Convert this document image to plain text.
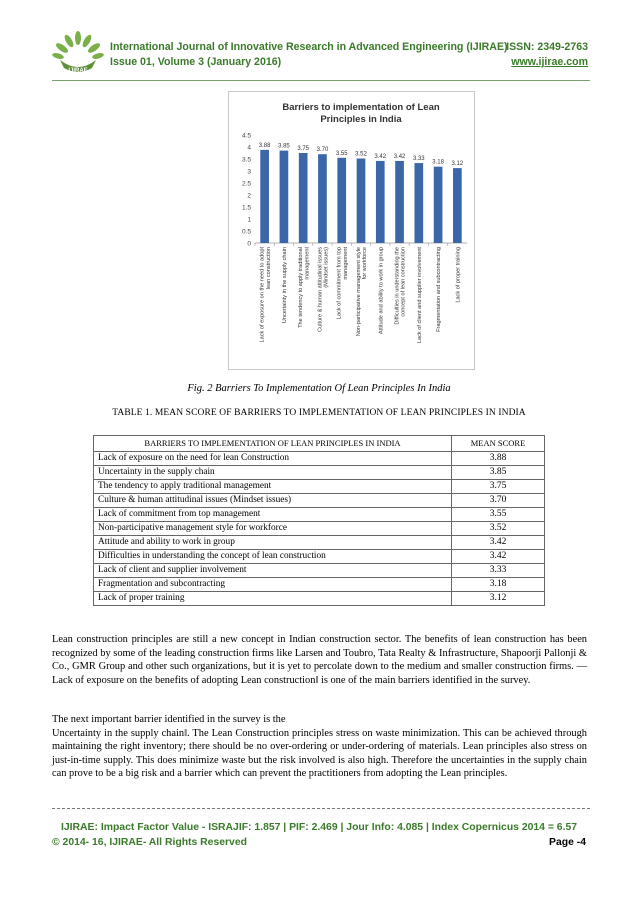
IJIRAE
International Journal of Innovative Research in Advanced Engineering (IJIRAE)
ISSN: 2349-2763
Issue 01, Volume 3 (January 2016)	www.ijirae.com
Barriers to implementation of Lean
Principles in India
0
0.5
1
1.5
2
2.5
3
3.5
4
4.5
3.88 3.85 3.75 3.70
3.55 3.52 3.42 3.42 3.33
3.18 3.12
Lack of exposure on the need to adoptlean construction Uncertainty in the supply chain The tendency to apply traditionalmanagement Culture & human attitudinal issues(Mindset issues) Lack of commitment from topmanagement Non-participative management stylefor workforce Attitude and ability to work in group Difficulties in understanding theconcept of lean construction Lack of client and supplier involvement Fragmentation and subcontracting Lack of proper training
Fig. 2 Barriers To Implementation Of Lean Principles In India
TABLE 1. MEAN SCORE OF BARRIERS TO IMPLEMENTATION OF LEAN PRINCIPLES IN INDIA
BARRIERS TO IMPLEMENTATION OF LEAN PRINCIPLES IN INDIA	MEAN SCORE
Lack of exposure on the need for lean Construction	3.88
Uncertainty in the supply chain	3.85
The tendency to apply traditional management	3.75
Culture & human attitudinal issues (Mindset issues)	3.70
Lack of commitment from top management	3.55
Non-participative management style for workforce	3.52
Attitude and ability to work in group	3.42
Difficulties in understanding the concept of lean construction	3.42
Lack of client and supplier involvement	3.33
Fragmentation and subcontracting	3.18
Lack of proper training	3.12
Lean construction principles are still a new concept in Indian construction sector. The benefits of lean construction has been recognized by some of the leading construction firms like Larsen and Toubro, Tata Realty & Infrastructure, Shapoorji Pallonji & Co., GMR Group and other such organizations, but it is yet to percolate down to the medium and smaller construction firms. —Lack of exposure on the benefits of adopting Lean construction‖ is one of the main barriers identified in the survey.
The next important barrier identified in the survey is the
Uncertainty in the supply chain‖. The Lean Construction principles stress on waste minimization. This can be achieved through maintaining the right inventory; there should be no over-ordering or under-ordering of materials. Lean principles also stress on just-in-time supply. This does minimize waste but the risk involved is also high. Therefore the uncertainties in the supply chain can prove to be a big risk and a barrier which can prevent the practitioners from adopting the Lean principles.
IJIRAE: Impact Factor Value - ISRAJIF: 1.857 | PIF: 2.469 | Jour Info: 4.085 | Index Copernicus 2014 = 6.57
© 2014- 16, IJIRAE- All Rights Reserved	Page -4
